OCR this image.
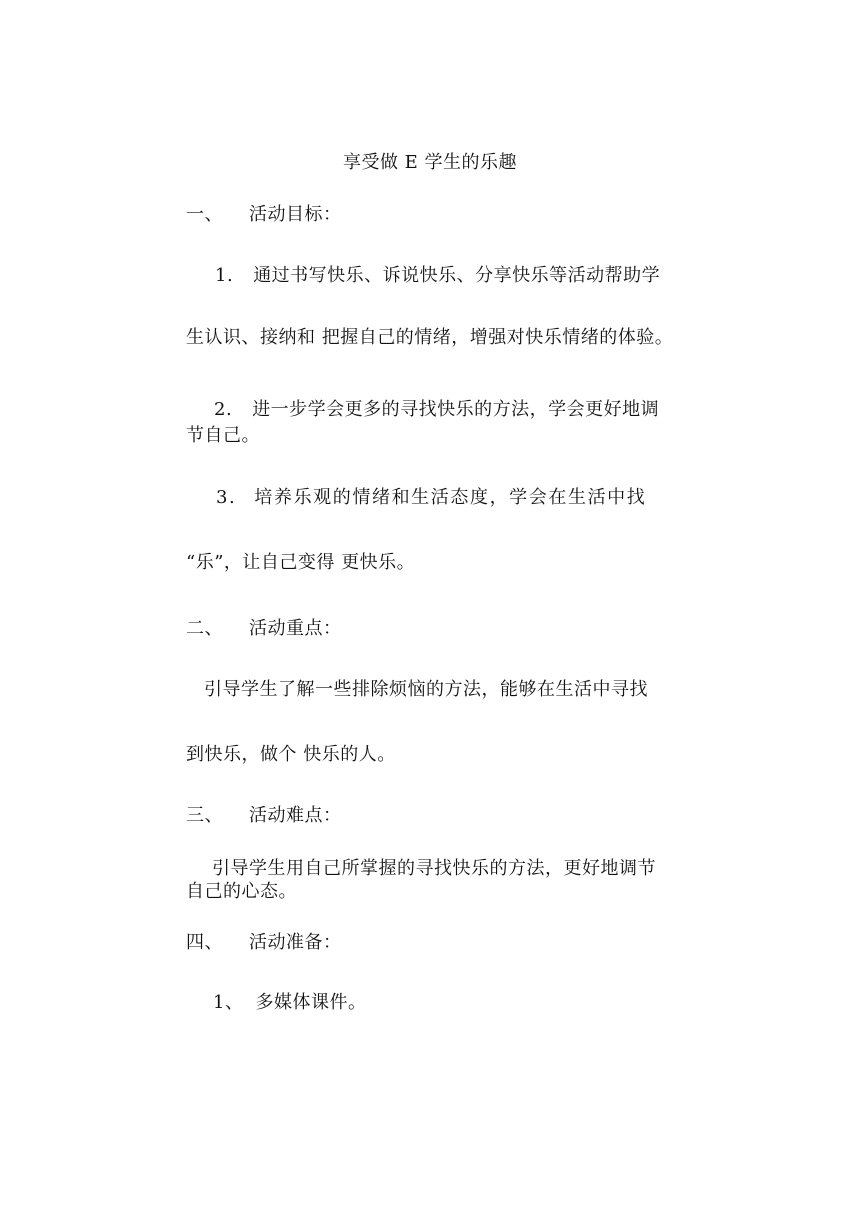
享受做 E 学生的乐趣
一、 活动目标：
1. 通过书写快乐、诉说快乐、分享快乐等活动帮助学
生认识、接纳和 把握自己的情绪，增强对快乐情绪的体验。
2. 进一步学会更多的寻找快乐的方法，学会更好地调
节自己。
3. 培养乐观的情绪和生活态度，学会在生活中找
“乐”，让自己变得 更快乐。
二、 活动重点：
引导学生了解一些排除烦恼的方法，能够在生活中寻找
到快乐，做个 快乐的人。
三、 活动难点：
引导学生用自己所掌握的寻找快乐的方法，更好地调节
自己的心态。
四、 活动准备：
1、 多媒体课件。
